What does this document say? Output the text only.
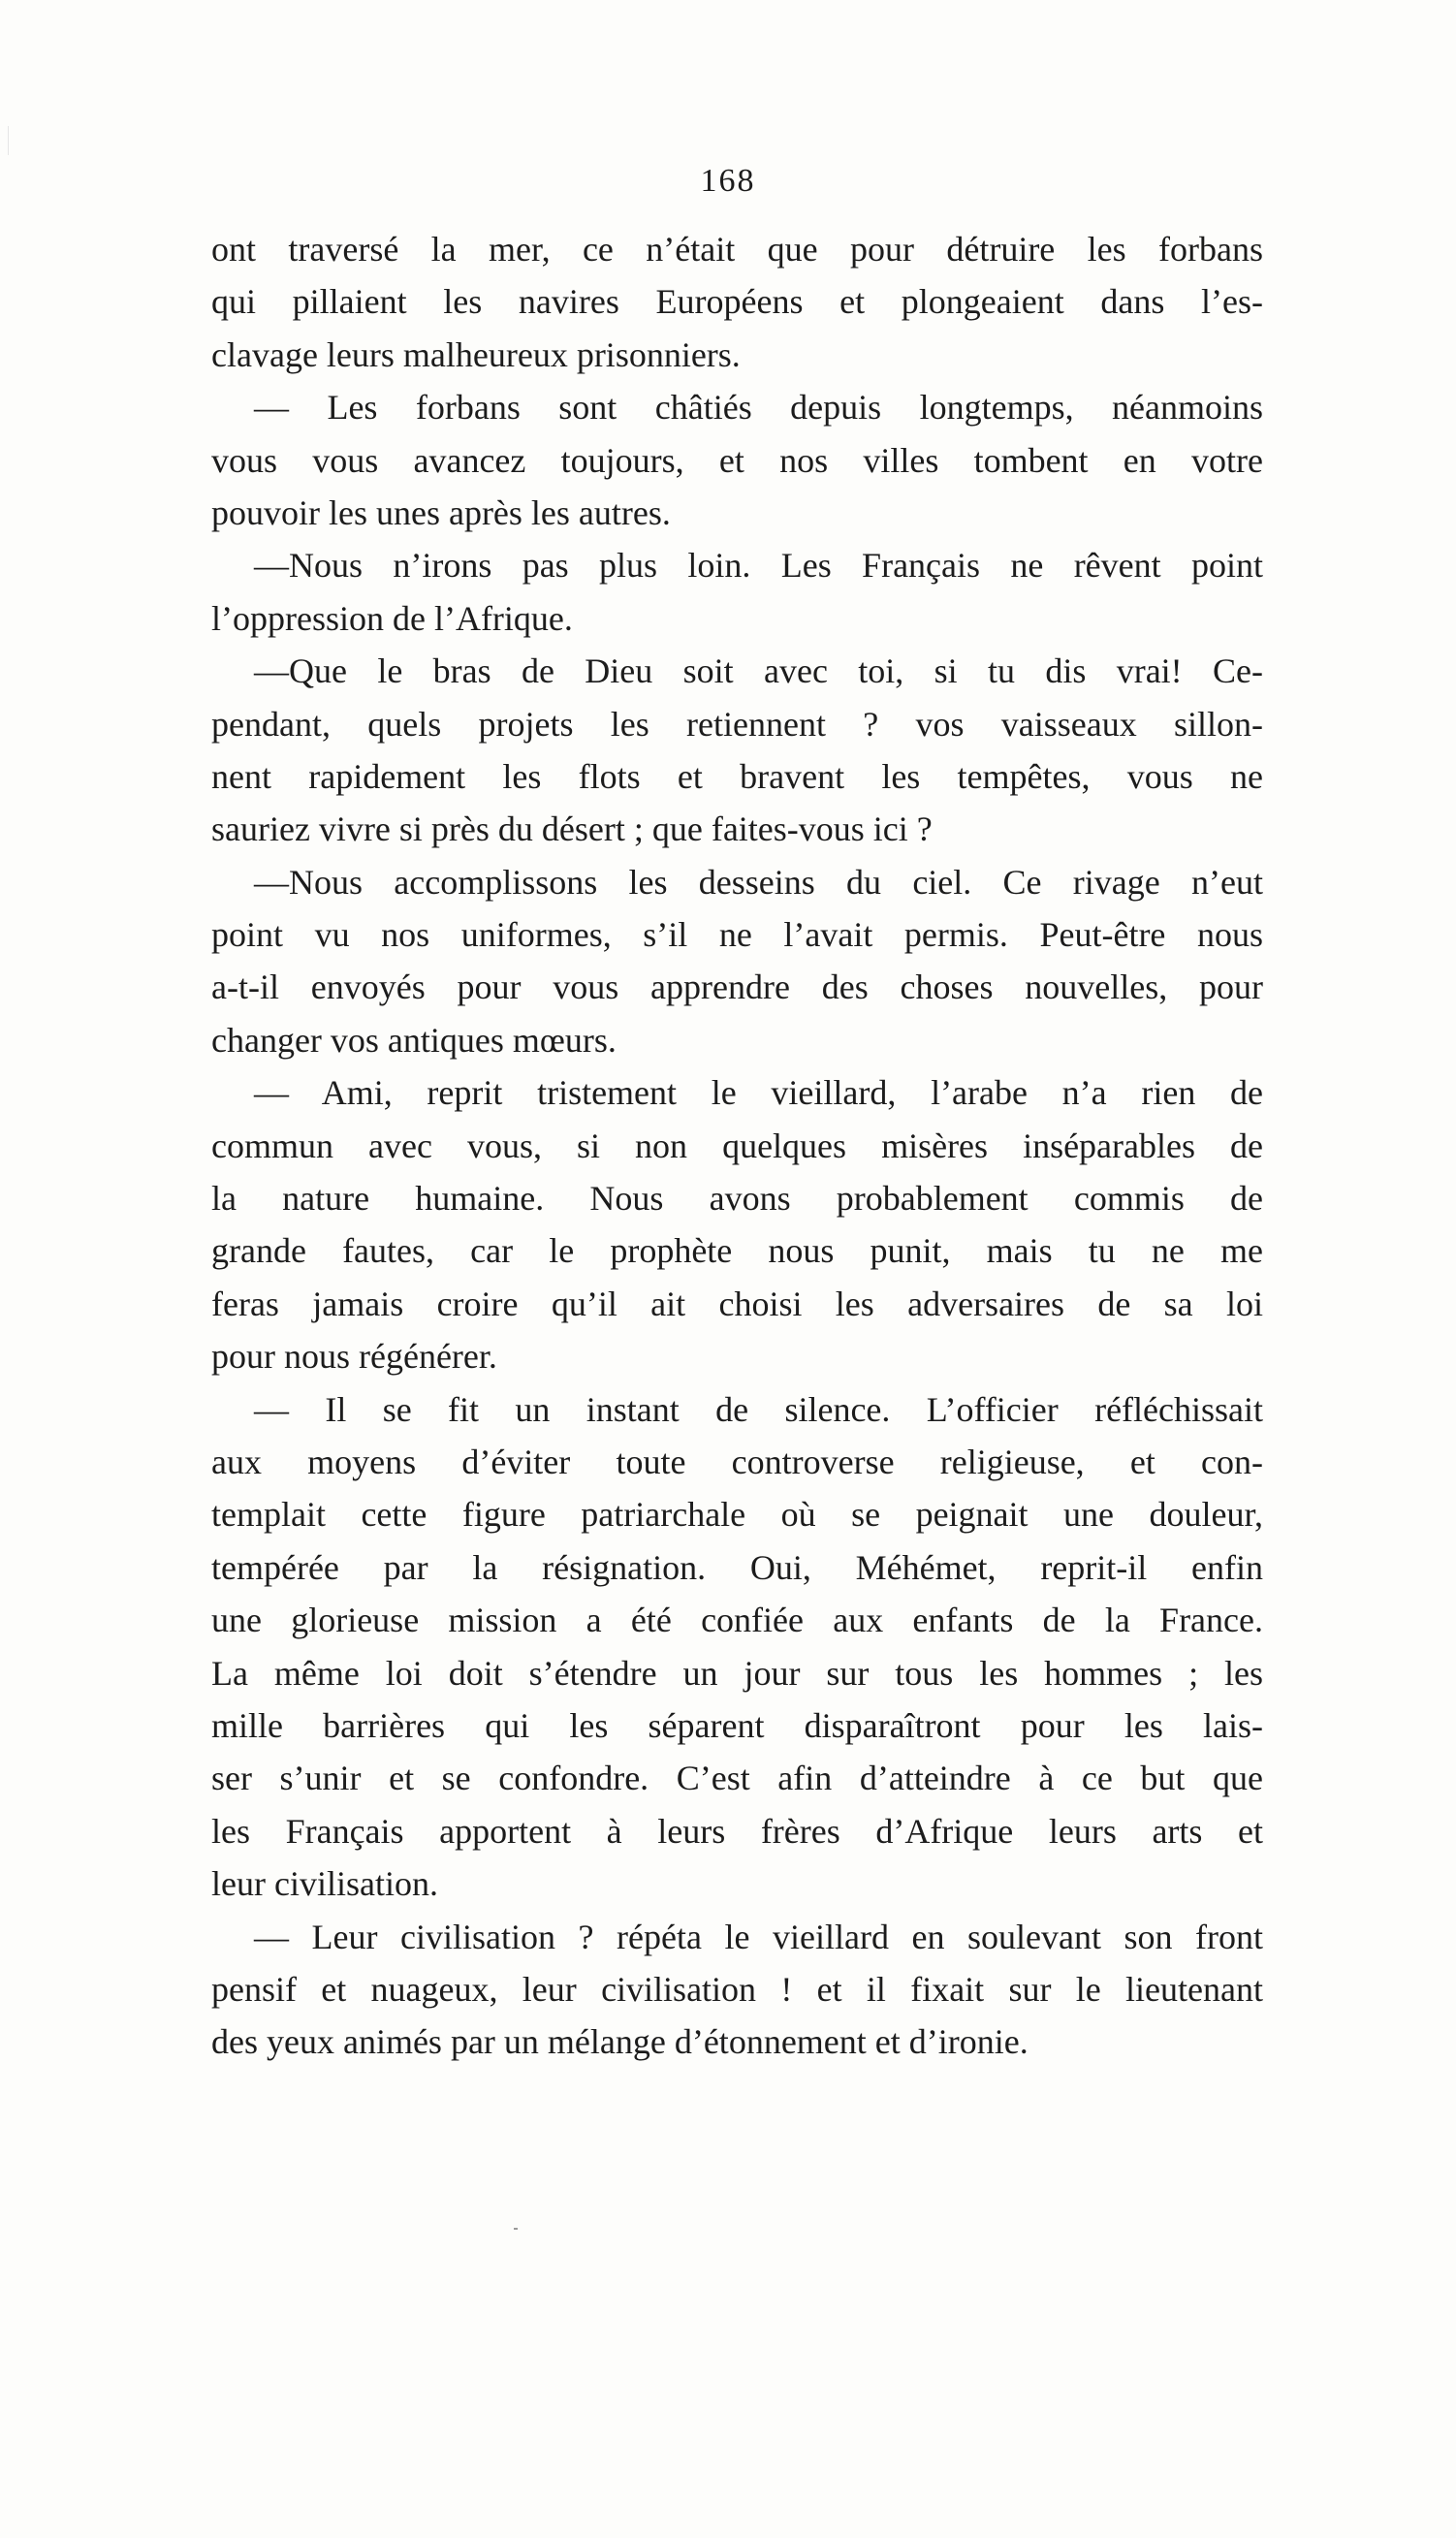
168
ont traversé la mer, ce n’était que pour détruire les forbans
qui pillaient les navires Européens et plongeaient dans l’es-
clavage leurs malheureux prisonniers.
— Les forbans sont châtiés depuis longtemps, néanmoins
vous vous avancez toujours, et nos villes tombent en votre
pouvoir les unes après les autres.
—Nous n’irons pas plus loin. Les Français ne rêvent point
l’oppression de l’Afrique.
—Que le bras de Dieu soit avec toi, si tu dis vrai! Ce-
pendant, quels projets les retiennent ? vos vaisseaux sillon-
nent rapidement les flots et bravent les tempêtes, vous ne
sauriez vivre si près du désert ; que faites-vous ici ?
—Nous accomplissons les desseins du ciel. Ce rivage n’eut
point vu nos uniformes, s’il ne l’avait permis. Peut-être nous
a-t-il envoyés pour vous apprendre des choses nouvelles, pour
changer vos antiques mœurs.
— Ami, reprit tristement le vieillard, l’arabe n’a rien de
commun avec vous, si non quelques misères inséparables de
la nature humaine. Nous avons probablement commis de
grande fautes, car le prophète nous punit, mais tu ne me
feras jamais croire qu’il ait choisi les adversaires de sa loi
pour nous régénérer.
— Il se fit un instant de silence. L’officier réfléchissait
aux moyens d’éviter toute controverse religieuse, et con-
templait cette figure patriarchale où se peignait une douleur,
tempérée par la résignation. Oui, Méhémet, reprit-il enfin
une glorieuse mission a été confiée aux enfants de la France.
La même loi doit s’étendre un jour sur tous les hommes ; les
mille barrières qui les séparent disparaîtront pour les lais-
ser s’unir et se confondre. C’est afin d’atteindre à ce but que
les Français apportent à leurs frères d’Afrique leurs arts et
leur civilisation.
— Leur civilisation ? répéta le vieillard en soulevant son front
pensif et nuageux, leur civilisation ! et il fixait sur le lieutenant
des yeux animés par un mélange d’étonnement et d’ironie.
